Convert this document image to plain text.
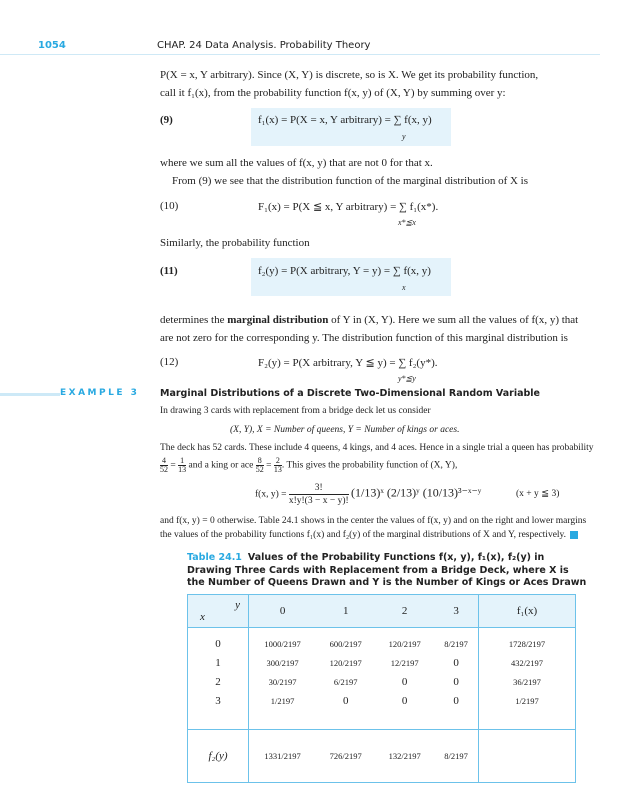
1054	CHAP. 24 Data Analysis. Probability Theory
P(X = x, Y arbitrary). Since (X, Y) is discrete, so is X. We get its probability function,
call it f₁(x), from the probability function f(x, y) of (X, Y) by summing over y:
(9)	f₁(x) = P(X = x, Y arbitrary) = ∑ f(x, y)
y
where we sum all the values of f(x, y) that are not 0 for that x.
From (9) we see that the distribution function of the marginal distribution of X is
(10)	F₁(x) = P(X ≦ x, Y arbitrary) = ∑ f₁(x*).
x*≦x
Similarly, the probability function
(11)	f₂(y) = P(X arbitrary, Y = y) = ∑ f(x, y)
x
determines the marginal distribution of Y in (X, Y). Here we sum all the values of f(x, y) that
are not zero for the corresponding y. The distribution function of this marginal distribution is
(12)	F₂(y) = P(X arbitrary, Y ≦ y) = ∑ f₂(y*).
y*≦y
EXAMPLE 3	Marginal Distributions of a Discrete Two-Dimensional Random Variable
In drawing 3 cards with replacement from a bridge deck let us consider
(X, Y), X = Number of queens, Y = Number of kings or aces.
The deck has 52 cards. These include 4 queens, 4 kings, and 4 aces. Hence in a single trial a queen has probability
$\frac{4}{52} = \frac{1}{13}$ and a king or ace $\frac{8}{52} = \frac{2}{13}$ . This gives the probability function of (X, Y),
f(x, $y) = \frac{3!}{x!y!(3 - x - y)!}$ (1/13)ˣ (2/13)ʸ (10/13)³⁻ˣ⁻ʸ	(x + y ≦ 3)
and f(x, y) = 0 otherwise. Table 24.1 shows in the center the values of f(x, y) and on the right and lower margins
the values of the probability functions f₁(x) and f₂(y) of the marginal distributions of X and Y, respectively.
Table 24.1 Values of the Probability Functions f(x, y), f₁(x), f₂(y) in Drawing Three Cards with Replacement from a Bridge Deck, where X is the Number of Queens Drawn and Y is the Number of Kings or Aces Drawn
y
x	0	1	2	3	f₁(x)
0	1000/2197	600/2197	120/2197	8/2197	1728/2197
1	300/2197	120/2197	12/2197	0	432/2197
2	30/2197	6/2197	0	0	36/2197
3	1/2197	0	0	0	1/2197

f₂(y)	1331/2197	726/2197	132/2197	8/2197	
